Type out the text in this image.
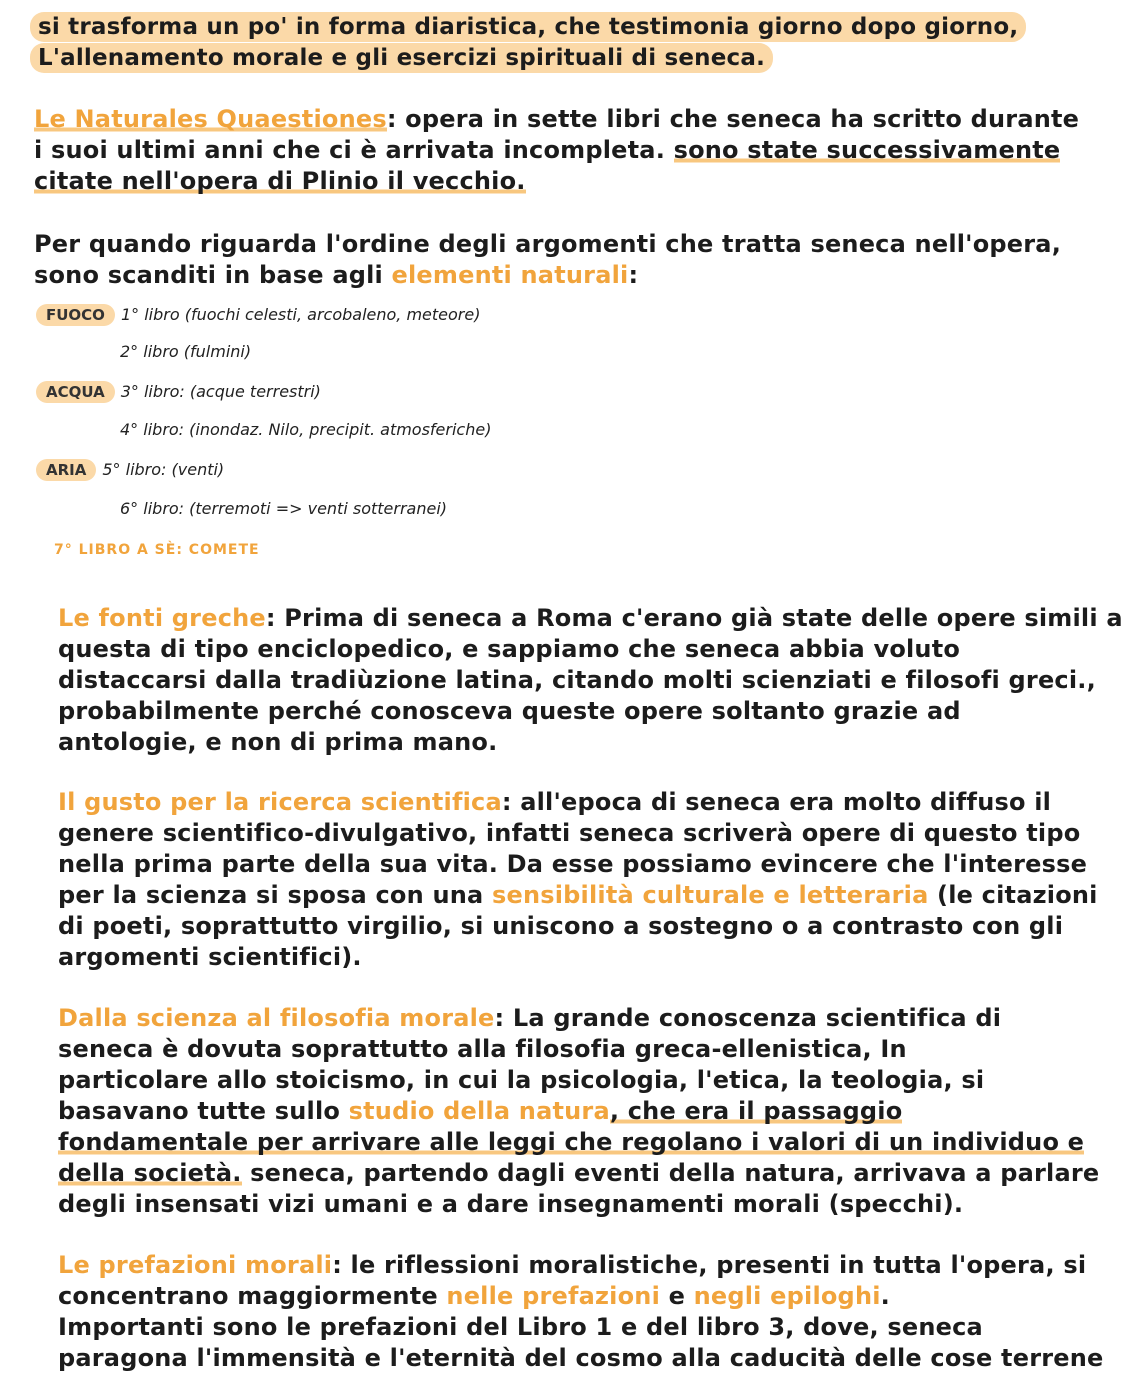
si trasforma un po' in forma diaristica, che testimonia giorno dopo giorno,
L'allenamento morale e gli esercizi spirituali di seneca.
Le Naturales Quaestiones: opera in sette libri che seneca ha scritto durante
i suoi ultimi anni che ci è arrivata incompleta. sono state successivamente
citate nell'opera di Plinio il vecchio.
Per quando riguarda l'ordine degli argomenti che tratta seneca nell'opera,
sono scanditi in base agli elementi naturali:
FUOCO 1° libro (fuochi celesti, arcobaleno, meteore)
2° libro (fulmini)
ACQUA 3° libro: (acque terrestri)
4° libro: (inondaz. Nilo, precipit. atmosferiche)
ARIA 5° libro: (venti)
6° libro: (terremoti => venti sotterranei)
7° LIBRO A SÈ: COMETE
Le fonti greche: Prima di seneca a Roma c'erano già state delle opere simili a
questa di tipo enciclopedico, e sappiamo che seneca abbia voluto
distaccarsi dalla tradiùzione latina, citando molti scienziati e filosofi greci.,
probabilmente perché conosceva queste opere soltanto grazie ad
antologie, e non di prima mano.
Il gusto per la ricerca scientifica: all'epoca di seneca era molto diffuso il
genere scientifico-divulgativo, infatti seneca scriverà opere di questo tipo
nella prima parte della sua vita. Da esse possiamo evincere che l'interesse
per la scienza si sposa con una sensibilità culturale e letteraria (le citazioni
di poeti, soprattutto virgilio, si uniscono a sostegno o a contrasto con gli
argomenti scientifici).
Dalla scienza al filosofia morale: La grande conoscenza scientifica di
seneca è dovuta soprattutto alla filosofia greca-ellenistica, In
particolare allo stoicismo, in cui la psicologia, l'etica, la teologia, si
basavano tutte sullo studio della natura, che era il passaggio
fondamentale per arrivare alle leggi che regolano i valori di un individuo e
della società. seneca, partendo dagli eventi della natura, arrivava a parlare
degli insensati vizi umani e a dare insegnamenti morali (specchi).
Le prefazioni morali: le riflessioni moralistiche, presenti in tutta l'opera, si
concentrano maggiormente nelle prefazioni e negli epiloghi.
Importanti sono le prefazioni del Libro 1 e del libro 3, dove, seneca
paragona l'immensità e l'eternità del cosmo alla caducità delle cose terrene
